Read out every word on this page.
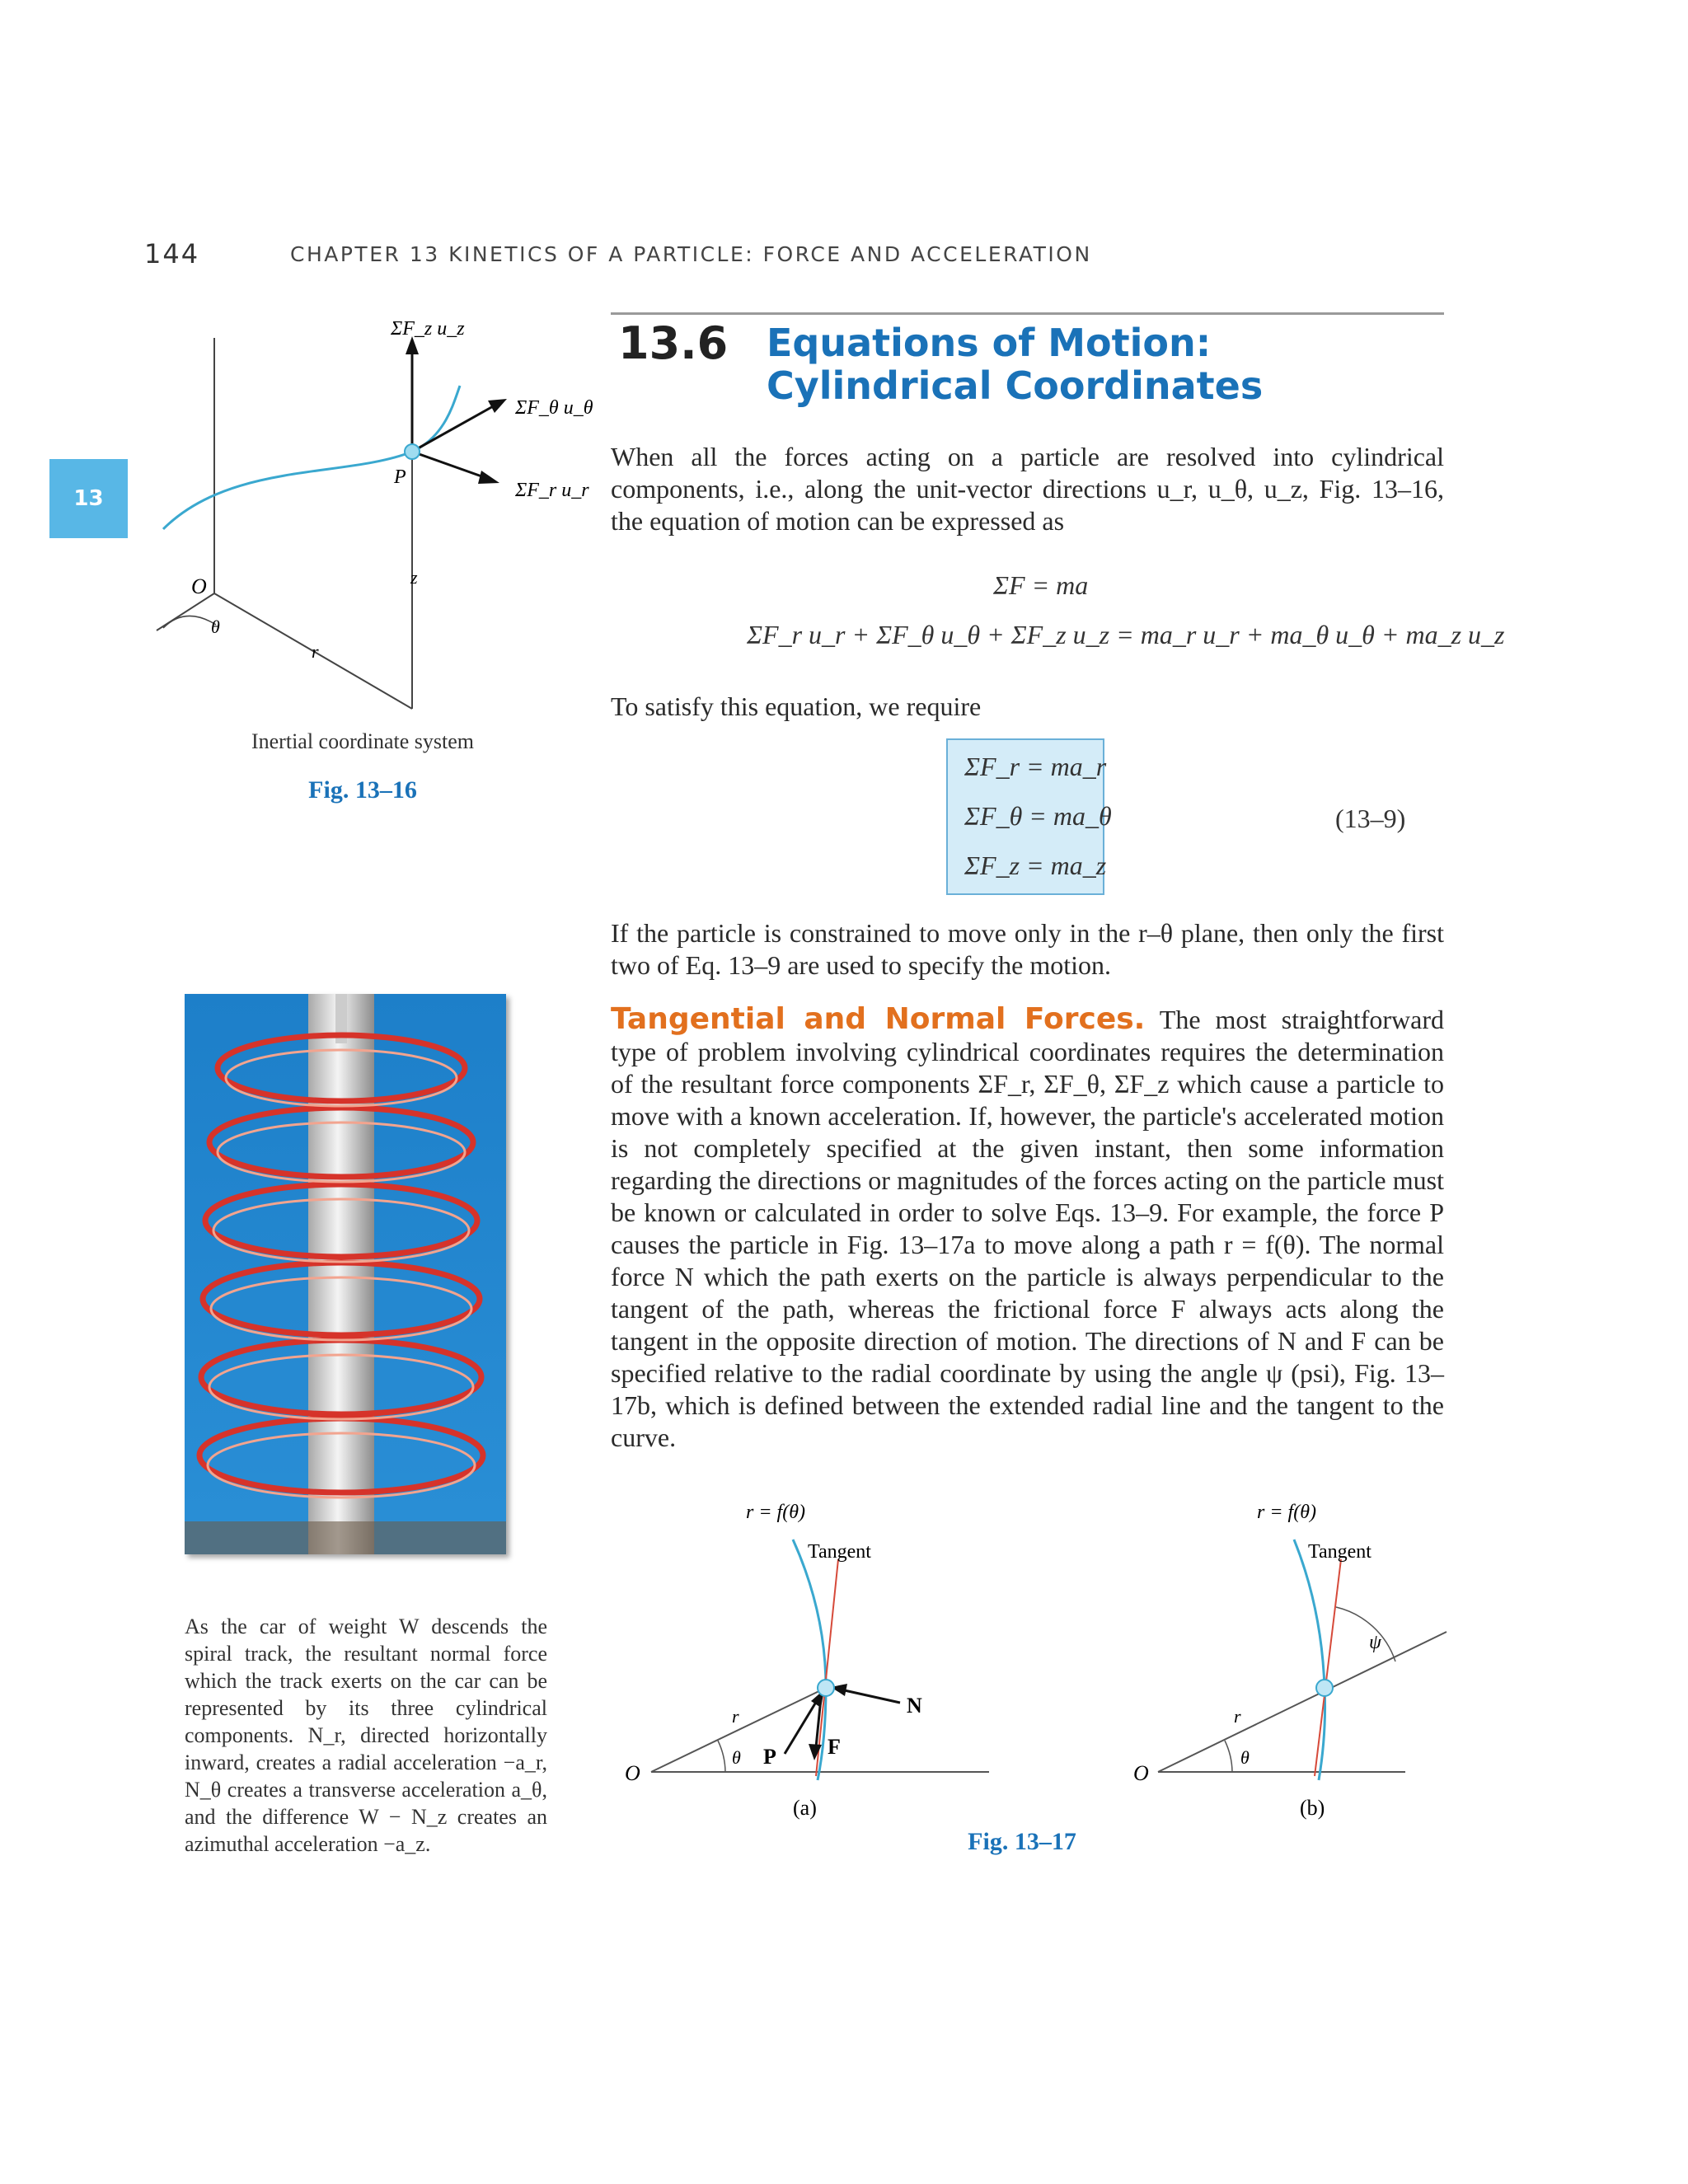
144	CHAPTER 13 KINETICS OF A PARTICLE: FORCE AND ACCELERATION
13
13.6 Equations of Motion: Cylindrical Coordinates
When all the forces acting on a particle are resolved into cylindrical components, i.e., along the unit-vector directions u_r, u_θ, u_z, Fig. 13–16, the equation of motion can be expressed as
ΣF = ma
ΣF_r u_r + ΣF_θ u_θ + ΣF_z u_z = ma_r u_r + ma_θ u_θ + ma_z u_z
To satisfy this equation, we require
ΣF_r = ma_r
ΣF_θ = ma_θ
ΣF_z = ma_z
(13–9)
If the particle is constrained to move only in the r–θ plane, then only the first two of Eq. 13–9 are used to specify the motion.
Tangential and Normal Forces. The most straightforward type of problem involving cylindrical coordinates requires the determination of the resultant force components ΣF_r, ΣF_θ, ΣF_z which cause a particle to move with a known acceleration. If, however, the particle's accelerated motion is not completely specified at the given instant, then some information regarding the directions or magnitudes of the forces acting on the particle must be known or calculated in order to solve Eqs. 13–9. For example, the force P causes the particle in Fig. 13–17a to move along a path r = f(θ). The normal force N which the path exerts on the particle is always perpendicular to the tangent of the path, whereas the frictional force F always acts along the tangent in the opposite direction of motion. The directions of N and F can be specified relative to the radial coordinate by using the angle ψ (psi), Fig. 13–17b, which is defined between the extended radial line and the tangent to the curve.
ΣF_z u_z
ΣF_θ u_θ
ΣF_r u_r
P
O
θ
r
z
Inertial coordinate system
Fig. 13–16
As the car of weight W descends the spiral track, the resultant normal force which the track exerts on the car can be represented by its three cylindrical components. N_r, directed horizontally inward, creates a radial acceleration −a_r, N_θ creates a transverse acceleration a_θ, and the difference W − N_z creates an azimuthal acceleration −a_z.
r = f(θ)
Tangent
N
F
P
θ
r
O
(a)
r = f(θ)
Tangent
ψ
θ
r
O
(b)
Fig. 13–17
